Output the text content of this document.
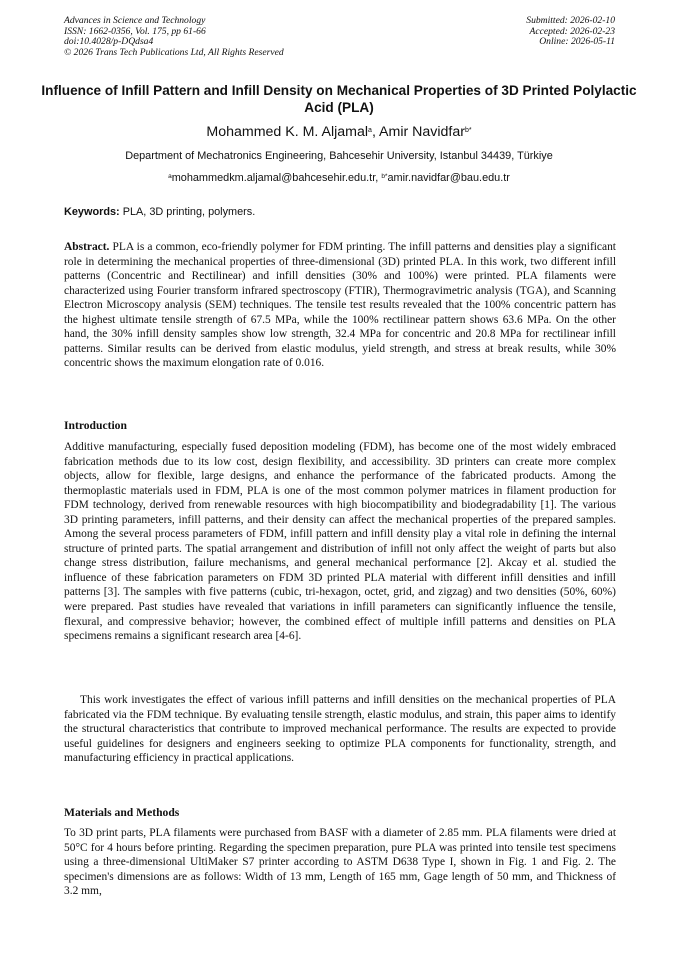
Advances in Science and Technology
ISSN: 1662-0356, Vol. 175, pp 61-66
doi:10.4028/p-DQdsa4
© 2026 Trans Tech Publications Ltd, All Rights Reserved
Submitted: 2026-02-10
Accepted: 2026-02-23
Online: 2026-05-11
Influence of Infill Pattern and Infill Density on Mechanical Properties of 3D Printed Polylactic Acid (PLA)
Mohammed K. M. Aljamal$^a$, Amir Navidfar$^{b*}$
Department of Mechatronics Engineering, Bahcesehir University, Istanbul 34439, Türkiye
$^a$mohammedkm.aljamal@bahcesehir.edu.tr, $^{b*}$amir.navidfar@bau.edu.tr
Keywords: PLA, 3D printing, polymers.

Abstract. PLA is a common, eco-friendly polymer for FDM printing. The infill patterns and densities play a significant role in determining the mechanical properties of three-dimensional (3D) printed PLA. In this work, two different infill patterns (Concentric and Rectilinear) and infill densities (30% and 100%) were printed. PLA filaments were characterized using Fourier transform infrared spectroscopy (FTIR), Thermogravimetric analysis (TGA), and Scanning Electron Microscopy analysis (SEM) techniques. The tensile test results revealed that the 100% concentric pattern has the highest ultimate tensile strength of 67.5 MPa, while the 100% rectilinear pattern shows 63.6 MPa. On the other hand, the 30% infill density samples show low strength, 32.4 MPa for concentric and 20.8 MPa for rectilinear infill patterns. Similar results can be derived from elastic modulus, yield strength, and stress at break results, while 30% concentric shows the maximum elongation rate of 0.016.

Introduction

Additive manufacturing, especially fused deposition modeling (FDM), has become one of the most widely embraced fabrication methods due to its low cost, design flexibility, and accessibility. 3D printers can create more complex objects, allow for flexible, large designs, and enhance the performance of the fabricated products. Among the thermoplastic materials used in FDM, PLA is one of the most common polymer matrices in filament production for FDM technology, derived from renewable resources with high biocompatibility and biodegradability [1]. The various 3D printing parameters, infill patterns, and their density can affect the mechanical properties of the prepared samples. Among the several process parameters of FDM, infill pattern and infill density play a vital role in defining the internal structure of printed parts. The spatial arrangement and distribution of infill not only affect the weight of parts but also change stress distribution, failure mechanisms, and general mechanical performance [2]. Akcay et al. studied the influence of these fabrication parameters on FDM 3D printed PLA material with different infill densities and infill patterns [3]. The samples with five patterns (cubic, tri-hexagon, octet, grid, and zigzag) and two densities (50%, 60%) were prepared. Past studies have revealed that variations in infill parameters can significantly influence the tensile, flexural, and compressive behavior; however, the combined effect of multiple infill patterns and densities on PLA specimens remains a significant research area [4-6].

This work investigates the effect of various infill patterns and infill densities on the mechanical properties of PLA fabricated via the FDM technique. By evaluating tensile strength, elastic modulus, and strain, this paper aims to identify the structural characteristics that contribute to improved mechanical performance. The results are expected to provide useful guidelines for designers and engineers seeking to optimize PLA components for functionality, strength, and manufacturing efficiency in practical applications.

Materials and Methods

To 3D print parts, PLA filaments were purchased from BASF with a diameter of 2.85 mm. PLA filaments were dried at 50°C for 4 hours before printing. Regarding the specimen preparation, pure PLA was printed into tensile test specimens using a three-dimensional UltiMaker S7 printer according to ASTM D638 Type I, shown in Fig. 1 and Fig. 2. The specimen's dimensions are as follows: Width of 13 mm, Length of 165 mm, Gage length of 50 mm, and Thickness of 3.2 mm,
